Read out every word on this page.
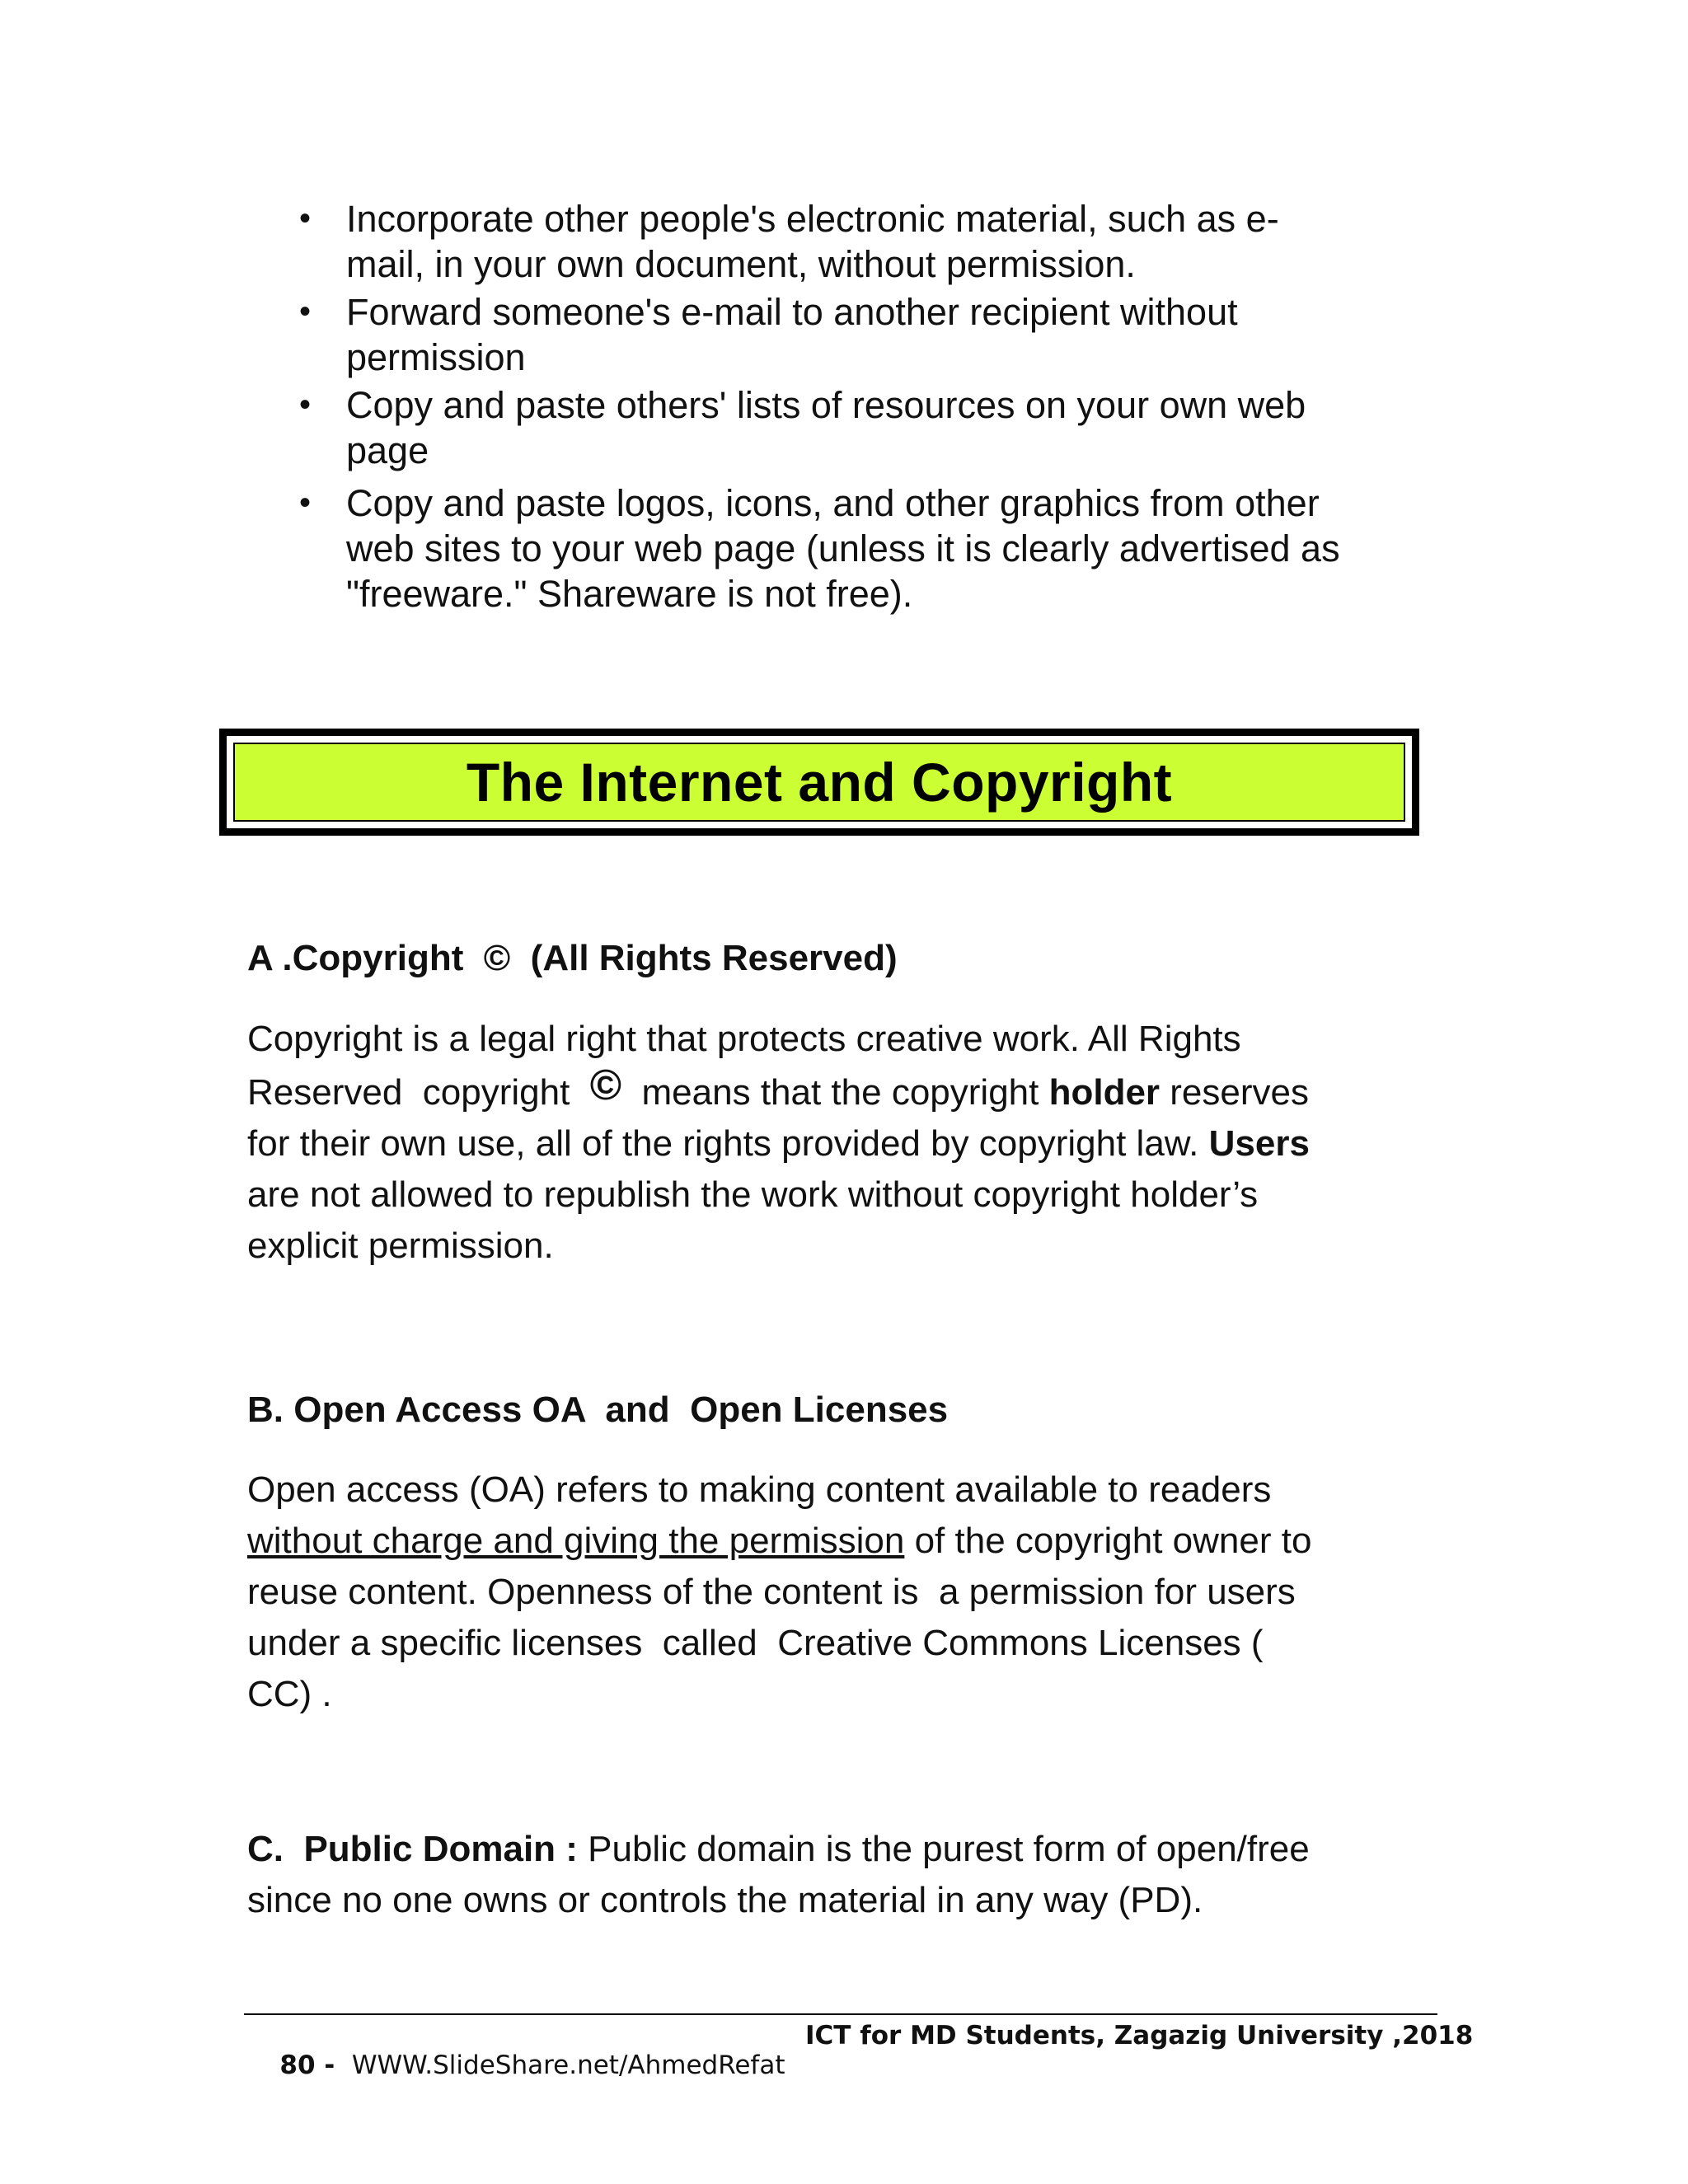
• Incorporate other people's electronic material, such as e-
mail, in your own document, without permission.
• Forward someone's e-mail to another recipient without
permission
• Copy and paste others' lists of resources on your own web
page
• Copy and paste logos, icons, and other graphics from other
web sites to your web page (unless it is clearly advertised as
"freeware." Shareware is not free).
The Internet and Copyright
A .Copyright  ©  (All Rights Reserved)
Copyright is a legal right that protects creative work. All Rights
Reserved  copyright  ©  means that the copyright holder reserves
for their own use, all of the rights provided by copyright law. Users
are not allowed to republish the work without copyright holder’s
explicit permission.
B. Open Access OA  and  Open Licenses
Open access (OA) refers to making content available to readers
without charge and giving the permission of the copyright owner to
reuse content. Openness of the content is  a permission for users
under a specific licenses  called  Creative Commons Licenses (
CC) .
C.  Public Domain : Public domain is the purest form of open/free
since no one owns or controls the material in any way (PD).

80 -  WWW.SlideShare.net/AhmedRefat

ICT for MD Students, Zagazig University ,2018
